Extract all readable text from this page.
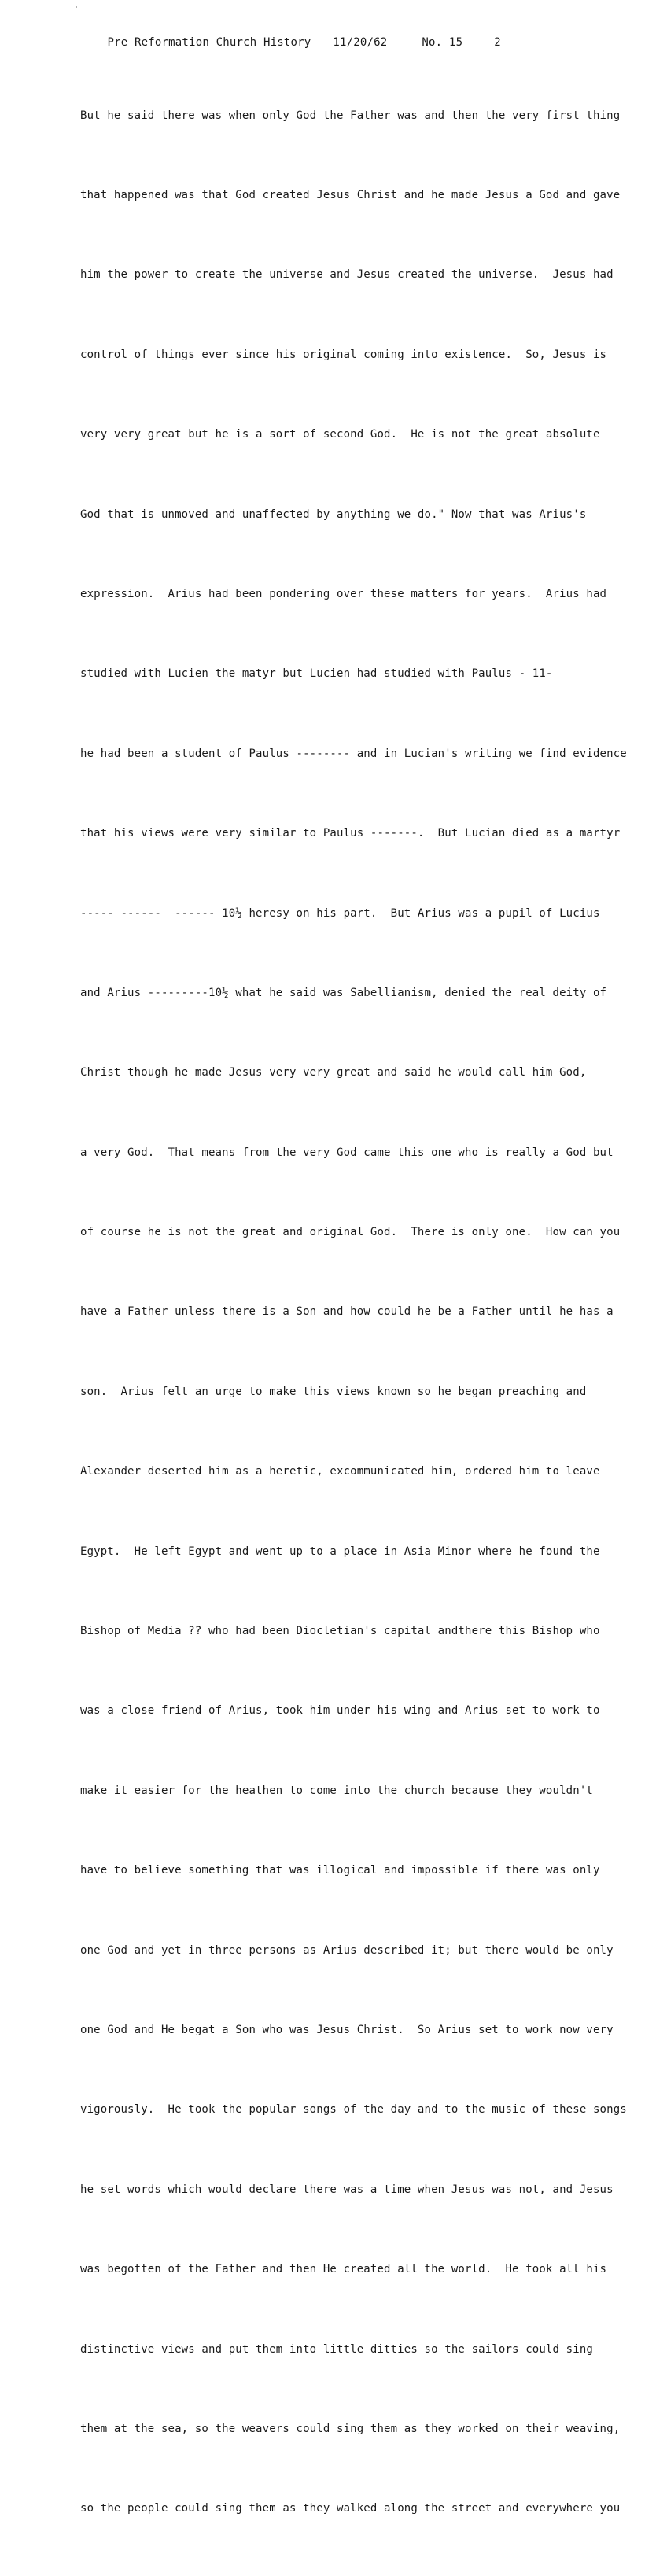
Pre Reformation Church History 11/20/62	No. 15	2

But he said there was when only God the Father was and then the very first thing

that happened was that God created Jesus Christ and he made Jesus a God and gave

him the power to create the universe and Jesus created the universe.  Jesus had

control of things ever since his original coming into existence.  So, Jesus is

very very great but he is a sort of second God.  He is not the great absolute

God that is unmoved and unaffected by anything we do." Now that was Arius's

expression.  Arius had been pondering over these matters for years.  Arius had

studied with Lucien the matyr but Lucien had studied with Paulus - 11-

he had been a student of Paulus -------- and in Lucian's writing we find evidence

that his views were very similar to Paulus -------.  But Lucian died as a martyr

----- ------  ------ 10½ heresy on his part.  But Arius was a pupil of Lucius

and Arius ---------10½ what he said was Sabellianism, denied the real deity of

Christ though he made Jesus very very great and said he would call him God,

a very God.  That means from the very God came this one who is really a God but

of course he is not the great and original God.  There is only one.  How can you

have a Father unless there is a Son and how could he be a Father until he has a

son.  Arius felt an urge to make this views known so he began preaching and

Alexander deserted him as a heretic, excommunicated him, ordered him to leave

Egypt.  He left Egypt and went up to a place in Asia Minor where he found the

Bishop of Media ?? who had been Diocletian's capital andthere this Bishop who

was a close friend of Arius, took him under his wing and Arius set to work to

make it easier for the heathen to come into the church because they wouldn't

have to believe something that was illogical and impossible if there was only

one God and yet in three persons as Arius described it; but there would be only

one God and He begat a Son who was Jesus Christ.  So Arius set to work now very

vigorously.  He took the popular songs of the day and to the music of these songs

he set words which would declare there was a time when Jesus was not, and Jesus

was begotten of the Father and then He created all the world.  He took all his

distinctive views and put them into little ditties so the sailors could sing

them at the sea, so the weavers could sing them as they worked on their weaving,

so the people could sing them as they walked along the street and everywhere you
